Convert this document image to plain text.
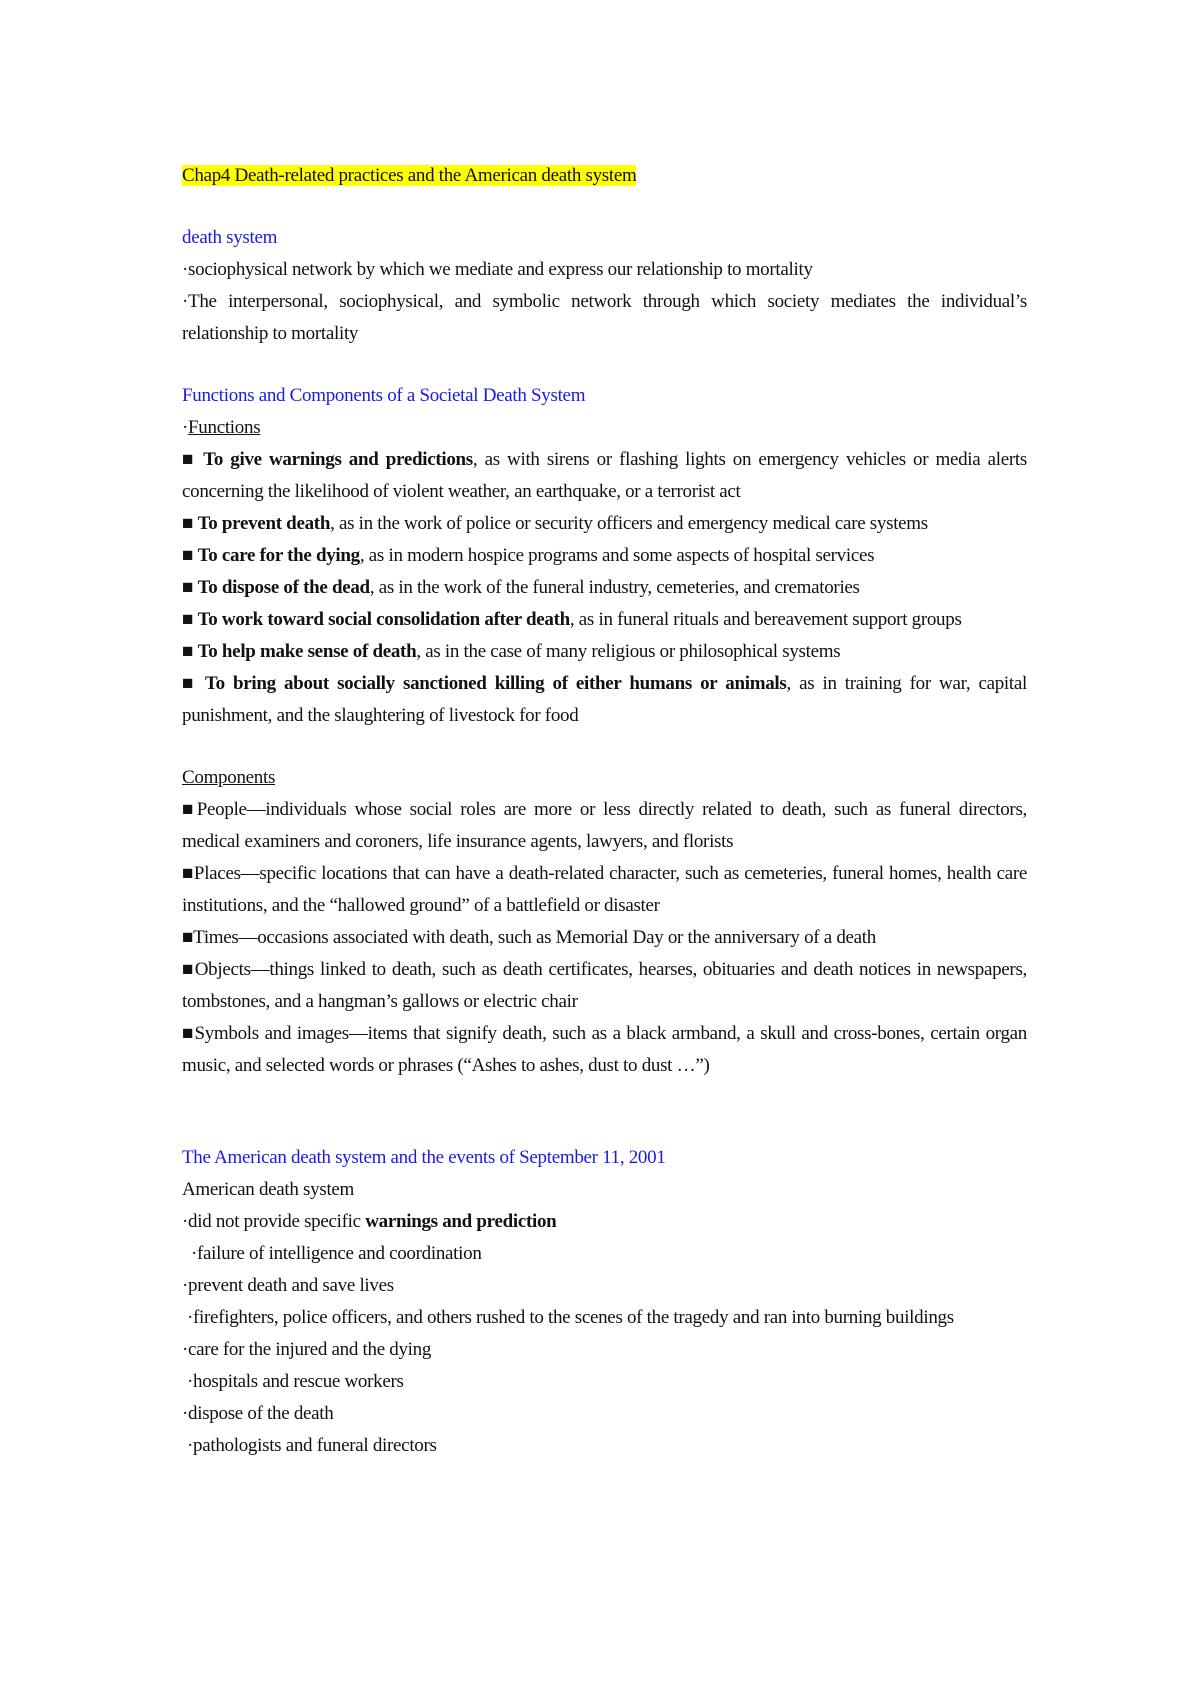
Chap4 Death-related practices and the American death system

death system

·sociophysical network by which we mediate and express our relationship to mortality

·The interpersonal, sociophysical, and symbolic network through which society mediates the individual’s relationship to mortality

Functions and Components of a Societal Death System

·Functions

■ To give warnings and predictions, as with sirens or flashing lights on emergency vehicles or media alerts concerning the likelihood of violent weather, an earthquake, or a terrorist act

■ To prevent death, as in the work of police or security officers and emergency medical care systems

■ To care for the dying, as in modern hospice programs and some aspects of hospital services

■ To dispose of the dead, as in the work of the funeral industry, cemeteries, and crematories

■ To work toward social consolidation after death, as in funeral rituals and bereavement support groups

■ To help make sense of death, as in the case of many religious or philosophical systems

■ To bring about socially sanctioned killing of either humans or animals, as in training for war, capital punishment, and the slaughtering of livestock for food

Components

■People—individuals whose social roles are more or less directly related to death, such as funeral directors, medical examiners and coroners, life insurance agents, lawyers, and florists

■Places—specific locations that can have a death-related character, such as cemeteries, funeral homes, health care institutions, and the “hallowed ground” of a battlefield or disaster

■Times—occasions associated with death, such as Memorial Day or the anniversary of a death

■Objects—things linked to death, such as death certificates, hearses, obituaries and death notices in newspapers, tombstones, and a hangman’s gallows or electric chair

■Symbols and images—items that signify death, such as a black armband, a skull and cross-bones, certain organ music, and selected words or phrases (“Ashes to ashes, dust to dust …”)

The American death system and the events of September 11, 2001

American death system

·did not provide specific warnings and prediction

·failure of intelligence and coordination

·prevent death and save lives

·firefighters, police officers, and others rushed to the scenes of the tragedy and ran into burning buildings

·care for the injured and the dying

·hospitals and rescue workers

·dispose of the death

·pathologists and funeral directors
